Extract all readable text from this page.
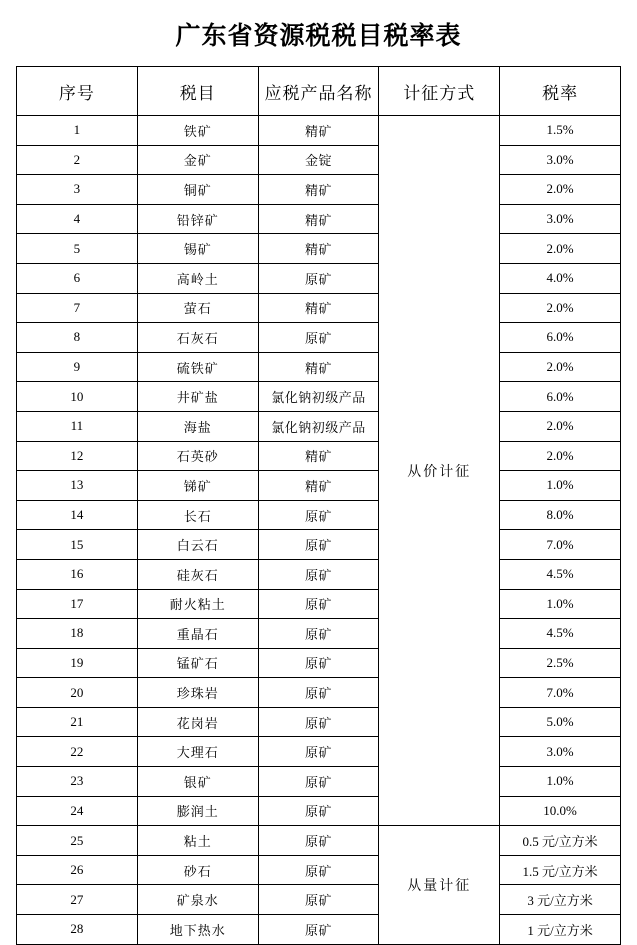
广东省资源税税目税率表
序号	税目	应税产品名称	计征方式	税率
1	铁矿	精矿	从价计征	1.5%
2	金矿	金锭		3.0%
3	铜矿	精矿		2.0%
4	铅锌矿	精矿		3.0%
5	锡矿	精矿		2.0%
6	高岭土	原矿		4.0%
7	萤石	精矿		2.0%
8	石灰石	原矿		6.0%
9	硫铁矿	精矿		2.0%
10	井矿盐	氯化钠初级产品		6.0%
11	海盐	氯化钠初级产品		2.0%
12	石英砂	精矿		2.0%
13	锑矿	精矿		1.0%
14	长石	原矿		8.0%
15	白云石	原矿		7.0%
16	硅灰石	原矿		4.5%
17	耐火粘土	原矿		1.0%
18	重晶石	原矿		4.5%
19	锰矿石	原矿		2.5%
20	珍珠岩	原矿		7.0%
21	花岗岩	原矿		5.0%
22	大理石	原矿		3.0%
23	银矿	原矿		1.0%
24	膨润土	原矿		10.0%
25	粘土	原矿	从量计征	0.5 元/立方米
26	砂石	原矿		1.5 元/立方米
27	矿泉水	原矿		3 元/立方米
28	地下热水	原矿		1 元/立方米
